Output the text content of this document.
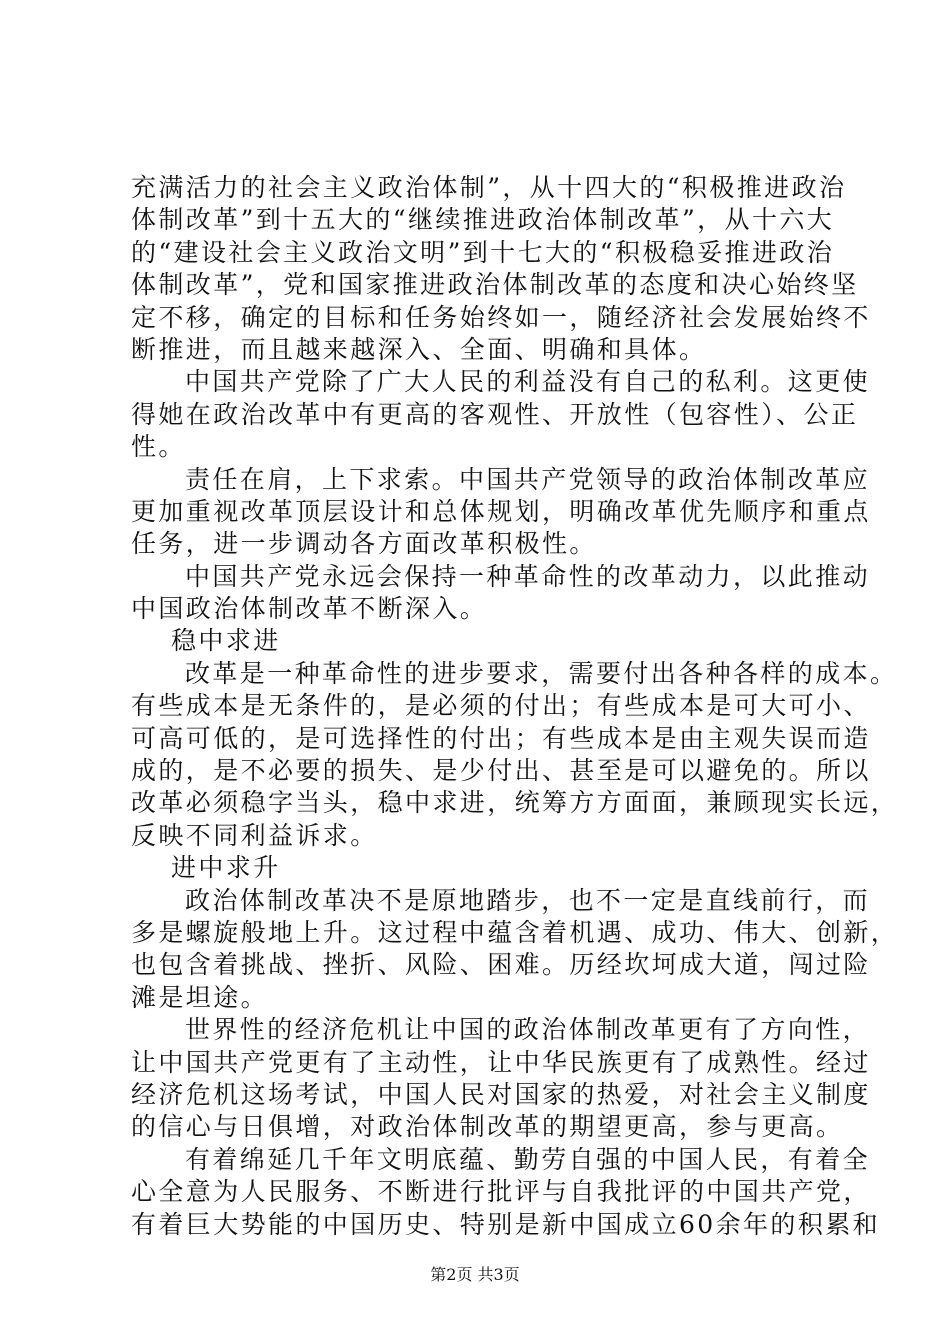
充满活力的社会主义政治体制”，从十四大的“积极推进政治
体制改革”到十五大的“继续推进政治体制改革”，从十六大
的“建设社会主义政治文明”到十七大的“积极稳妥推进政治
体制改革”，党和国家推进政治体制改革的态度和决心始终坚
定不移，确定的目标和任务始终如一，随经济社会发展始终不
断推进，而且越来越深入、全面、明确和具体。
中国共产党除了广大人民的利益没有自己的私利。这更使
得她在政治改革中有更高的客观性、开放性（包容性）、公正
性。
责任在肩，上下求索。中国共产党领导的政治体制改革应
更加重视改革顶层设计和总体规划，明确改革优先顺序和重点
任务，进一步调动各方面改革积极性。
中国共产党永远会保持一种革命性的改革动力，以此推动
中国政治体制改革不断深入。
稳中求进
改革是一种革命性的进步要求，需要付出各种各样的成本。
有些成本是无条件的，是必须的付出；有些成本是可大可小、
可高可低的，是可选择性的付出；有些成本是由主观失误而造
成的，是不必要的损失、是少付出、甚至是可以避免的。所以
改革必须稳字当头，稳中求进，统筹方方面面，兼顾现实长远，
反映不同利益诉求。
进中求升
政治体制改革决不是原地踏步，也不一定是直线前行，而
多是螺旋般地上升。这过程中蕴含着机遇、成功、伟大、创新，
也包含着挑战、挫折、风险、困难。历经坎坷成大道，闯过险
滩是坦途。
世界性的经济危机让中国的政治体制改革更有了方向性，
让中国共产党更有了主动性，让中华民族更有了成熟性。经过
经济危机这场考试，中国人民对国家的热爱，对社会主义制度
的信心与日俱增，对政治体制改革的期望更高，参与更高。
有着绵延几千年文明底蕴、勤劳自强的中国人民，有着全
心全意为人民服务、不断进行批评与自我批评的中国共产党，
有着巨大势能的中国历史、特别是新中国成立60余年的积累和
第2页 共3页
